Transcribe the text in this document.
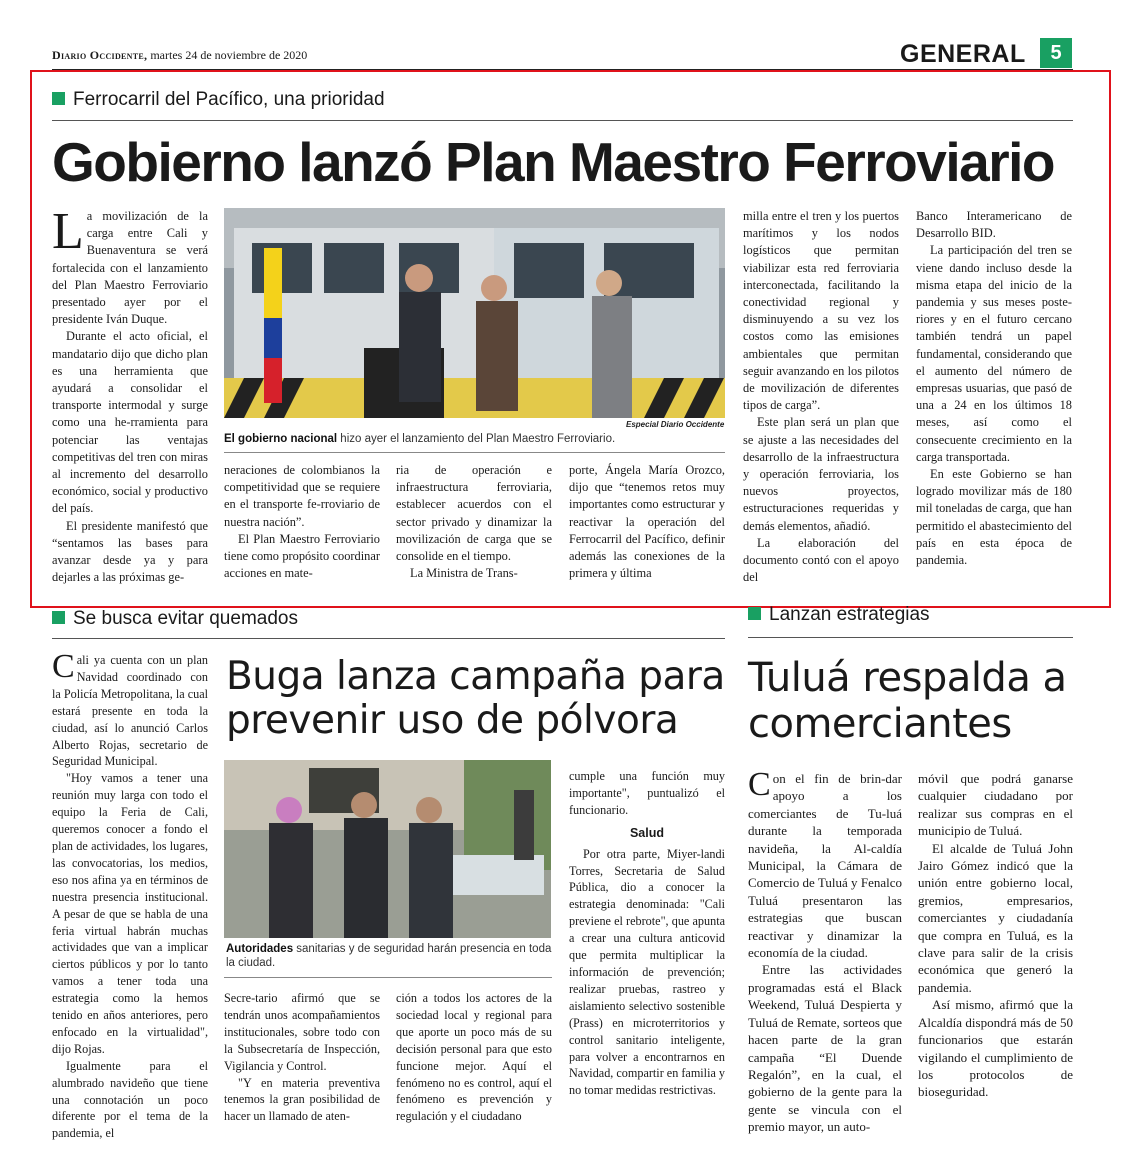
Diario Occidente, martes 24 de noviembre de 2020	GENERAL	5
Ferrocarril del Pacífico, una prioridad
Gobierno lanzó Plan Maestro Ferroviario

La movilización de la carga entre Cali y Buenaventura se verá fortalecida con el lanzamiento del Plan Maestro Ferroviario presentado ayer por el presidente Iván Duque.

Durante el acto oficial, el mandatario dijo que dicho plan es una herramienta que ayudará a consolidar el transporte intermodal y surge como una he-rramienta para potenciar las ventajas competitivas del tren con miras al incremento del desarrollo económico, social y productivo del país.

El presidente manifestó que “sentamos las bases para avanzar desde ya y para dejarles a las próximas ge-

Especial Diario Occidente
El gobierno nacional hizo ayer el lanzamiento del Plan Maestro Ferroviario.

neraciones de colombianos la competitividad que se requiere en el transporte fe-rroviario de nuestra nación”.

El Plan Maestro Ferroviario tiene como propósito coordinar acciones en mate-

ria de operación e infraestructura ferroviaria, establecer acuerdos con el sector privado y dinamizar la movilización de carga que se consolide en el tiempo.

La Ministra de Trans-

porte, Ángela María Orozco, dijo que “tenemos retos muy importantes como estructurar y reactivar la operación del Ferrocarril del Pacífico, definir además las conexiones de la primera y última

milla entre el tren y los puertos marítimos y los nodos logísticos que permitan viabilizar esta red ferroviaria interconectada, facilitando la conectividad regional y disminuyendo a su vez los costos como las emisiones ambientales que permitan seguir avanzando en los pilotos de movilización de diferentes tipos de carga”.

Este plan será un plan que se ajuste a las necesidades del desarrollo de la infraestructura y operación ferroviaria, los nuevos proyectos, estructuraciones requeridas y demás elementos, añadió.

La elaboración del documento contó con el apoyo del

Banco Interamericano de Desarrollo BID.

La participación del tren se viene dando incluso desde la misma etapa del inicio de la pandemia y sus meses poste-riores y en el futuro cercano también tendrá un papel fundamental, considerando que el aumento del número de empresas usuarias, que pasó de una a 24 en los últimos 18 meses, así como el consecuente crecimiento en la carga transportada.

En este Gobierno se han logrado movilizar más de 180 mil toneladas de carga, que han permitido el abastecimiento del país en esta época de pandemia.

Se busca evitar quemados
Buga lanza campaña para prevenir uso de pólvora

Cali ya cuenta con un plan Navidad coordinado con la Policía Metropolitana, la cual estará presente en toda la ciudad, así lo anunció Carlos Alberto Rojas, secretario de Seguridad Municipal.

"Hoy vamos a tener una reunión muy larga con todo el equipo la Feria de Cali, queremos conocer a fondo el plan de actividades, los lugares, las convocatorias, los medios, eso nos afina ya en términos de nuestra presencia institucional. A pesar de que se habla de una feria virtual habrán muchas actividades que van a implicar ciertos públicos y por lo tanto vamos a tener toda una estrategia como la hemos tenido en años anteriores, pero enfocado en la virtualidad", dijo Rojas.

Igualmente para el alumbrado navideño que tiene una connotación un poco diferente por el tema de la pandemia, el

Autoridades sanitarias y de seguridad harán presencia en toda la ciudad.

Secre-tario afirmó que se tendrán unos acompañamientos institucionales, sobre todo con la Subsecretaría de Inspección, Vigilancia y Control.

"Y en materia preventiva tenemos la gran posibilidad de hacer un llamado de aten-

ción a todos los actores de la sociedad local y regional para que aporte un poco más de su decisión personal para que esto funcione mejor. Aquí el fenómeno no es control, aquí el fenómeno es prevención y regulación y el ciudadano

cumple una función muy importante", puntualizó el funcionario.

Salud

Por otra parte, Miyer-landi Torres, Secretaria de Salud Pública, dio a conocer la estrategia denominada: "Cali previene el rebrote", que apunta a crear una cultura anticovid que permita multiplicar la información de prevención; realizar pruebas, rastreo y aislamiento selectivo sostenible (Prass) en microterritorios y control sanitario inteligente, para volver a encontrarnos en Navidad, compartir en familia y no tomar medidas restrictivas.

Lanzan estrategias
Tuluá respalda a comerciantes

Con el fin de brin-dar apoyo a los comerciantes de Tu-luá durante la temporada navideña, la Al-caldía Municipal, la Cámara de Comercio de Tuluá y Fenalco Tuluá presentaron las estrategias que buscan reactivar y dinamizar la economía de la ciudad.

Entre las actividades programadas está el Black Weekend, Tuluá Despierta y Tuluá de Remate, sorteos que hacen parte de la gran campaña “El Duende Regalón”, en la cual, el gobierno de la gente para la gente se vincula con el premio mayor, un auto-

móvil que podrá ganarse cualquier ciudadano por realizar sus compras en el municipio de Tuluá.

El alcalde de Tuluá John Jairo Gómez indicó que la unión entre gobierno local, gremios, empresarios, comerciantes y ciudadanía que compra en Tuluá, es la clave para salir de la crisis económica que generó la pandemia.

Así mismo, afirmó que la Alcaldía dispondrá más de 50 funcionarios que estarán vigilando el cumplimiento de los protocolos de bioseguridad.
